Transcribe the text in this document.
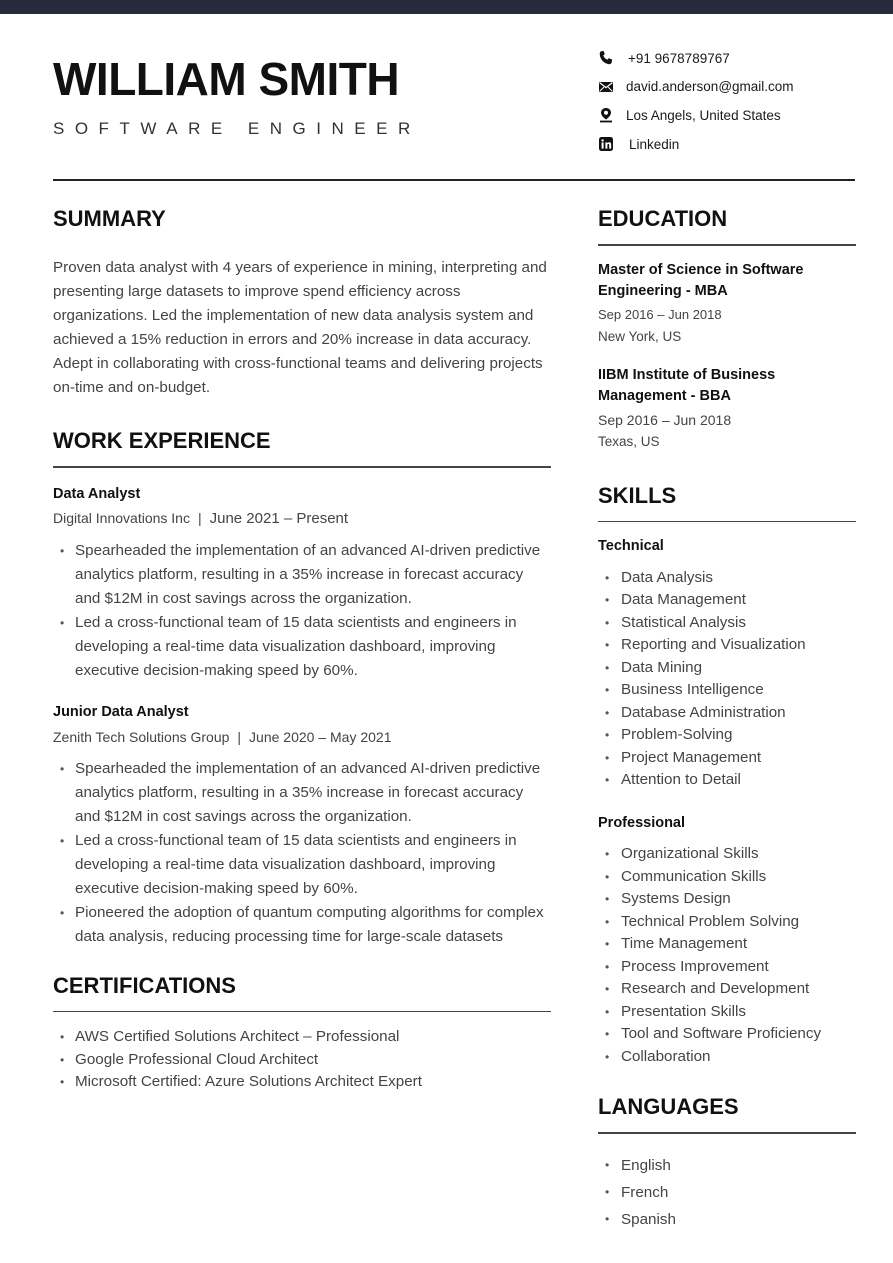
WILLIAM SMITH
SOFTWARE ENGINEER
+91 9678789767
david.anderson@gmail.com
Los Angels, United States
Linkedin
SUMMARY

Proven data analyst with 4 years of experience in mining, interpreting and presenting large datasets to improve spend efficiency across organizations. Led the implementation of new data analysis system and achieved a 15% reduction in errors and 20% increase in data accuracy. Adept in collaborating with cross-functional teams and delivering projects on-time and on-budget.

WORK EXPERIENCE
Data Analyst
Digital Innovations Inc | June 2021 – Present
• Spearheaded the implementation of an advanced AI-driven predictive analytics platform, resulting in a 35% increase in forecast accuracy and $12M in cost savings across the organization.
• Led a cross-functional team of 15 data scientists and engineers in developing a real-time data visualization dashboard, improving executive decision-making speed by 60%.
Junior Data Analyst
Zenith Tech Solutions Group | June 2020 – May 2021
• Spearheaded the implementation of an advanced AI-driven predictive analytics platform, resulting in a 35% increase in forecast accuracy and $12M in cost savings across the organization.
• Led a cross-functional team of 15 data scientists and engineers in developing a real-time data visualization dashboard, improving executive decision-making speed by 60%.
• Pioneered the adoption of quantum computing algorithms for complex data analysis, reducing processing time for large-scale datasets
CERTIFICATIONS
• AWS Certified Solutions Architect – Professional
• Google Professional Cloud Architect
• Microsoft Certified: Azure Solutions Architect Expert
EDUCATION
Master of Science in Software Engineering - MBA
Sep 2016 – Jun 2018
New York, US
IIBM Institute of Business Management - BBA
Sep 2016 – Jun 2018
Texas, US
SKILLS
Technical
• Data Analysis
• Data Management
• Statistical Analysis
• Reporting and Visualization
• Data Mining
• Business Intelligence
• Database Administration
• Problem-Solving
• Project Management
• Attention to Detail
Professional
• Organizational Skills
• Communication Skills
• Systems Design
• Technical Problem Solving
• Time Management
• Process Improvement
• Research and Development
• Presentation Skills
• Tool and Software Proficiency
• Collaboration
LANGUAGES
• English
• French
• Spanish
